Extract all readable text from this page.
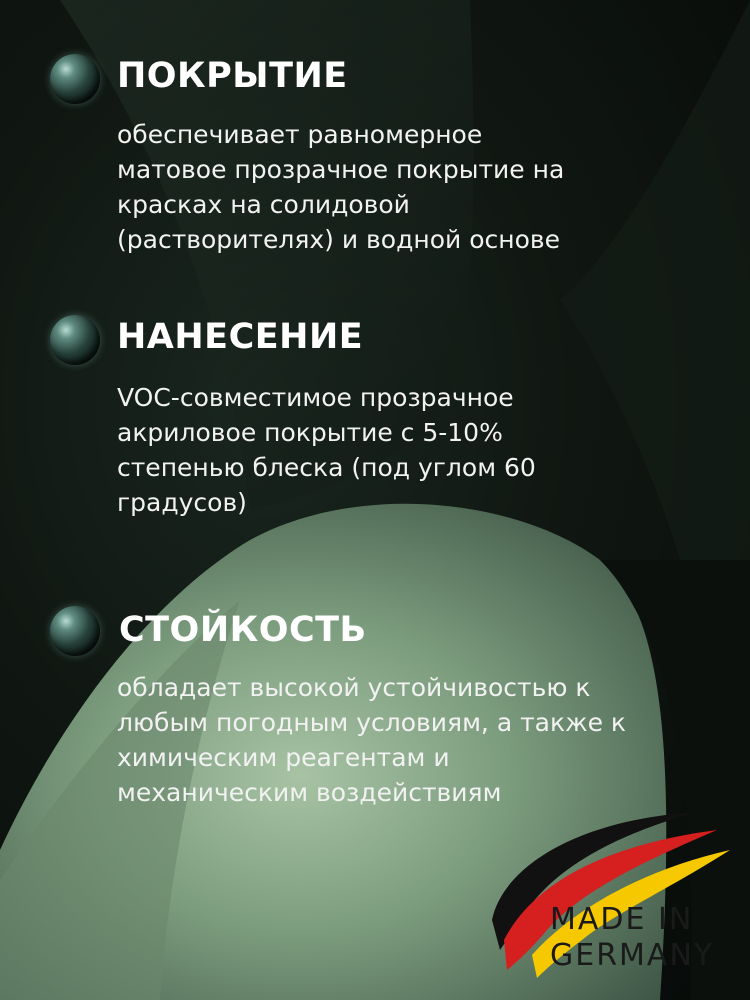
ПОКРЫТИЕ

обеспечивает равномерное
матовое прозрачное покрытие на
красках на солидовой
(растворителях) и водной основе

НАНЕСЕНИЕ

VOC-совместимое прозрачное
акриловое покрытие с 5-10%
степенью блеска (под углом 60
градусов)

СТОЙКОСТЬ

обладает высокой устойчивостью к
любым погодным условиям, а также к
химическим реагентам и
механическим воздействиям

MADE IN

GERMANY
